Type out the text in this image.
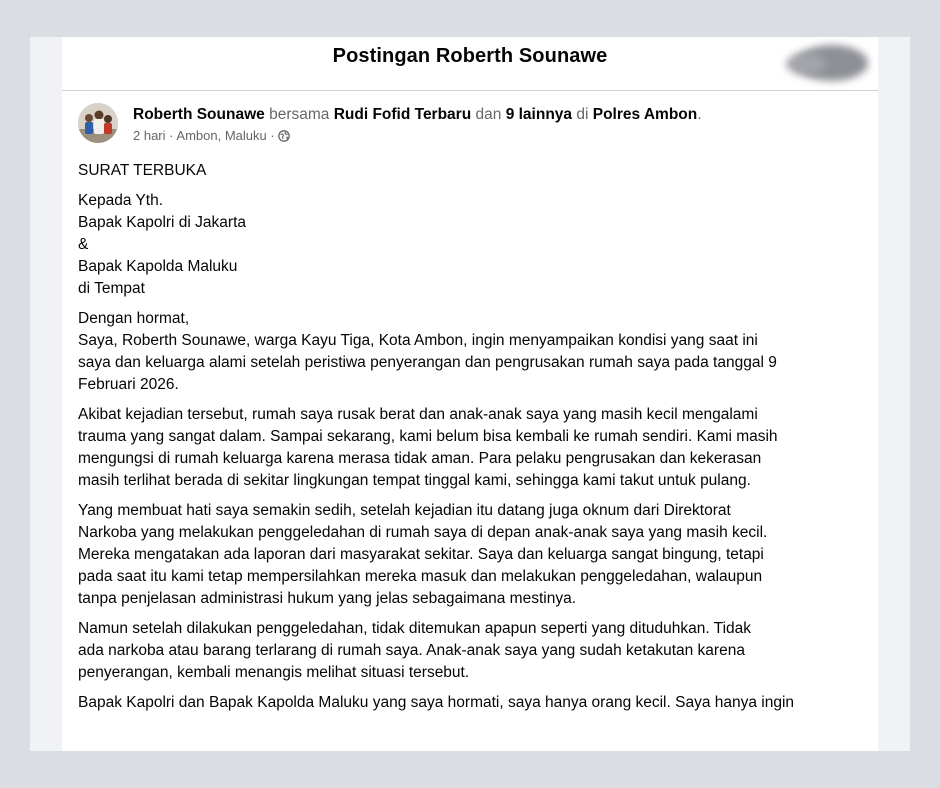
Postingan Roberth Sounawe
Roberth Sounawe bersama Rudi Fofid Terbaru dan 9 lainnya di Polres Ambon.
2 hari · Ambon, Maluku ·

SURAT TERBUKA

Kepada Yth.
Bapak Kapolri di Jakarta
&
Bapak Kapolda Maluku
di Tempat

Dengan hormat,
Saya, Roberth Sounawe, warga Kayu Tiga, Kota Ambon, ingin menyampaikan kondisi yang saat ini
saya dan keluarga alami setelah peristiwa penyerangan dan pengrusakan rumah saya pada tanggal 9
Februari 2026.

Akibat kejadian tersebut, rumah saya rusak berat dan anak-anak saya yang masih kecil mengalami
trauma yang sangat dalam. Sampai sekarang, kami belum bisa kembali ke rumah sendiri. Kami masih
mengungsi di rumah keluarga karena merasa tidak aman. Para pelaku pengrusakan dan kekerasan
masih terlihat berada di sekitar lingkungan tempat tinggal kami, sehingga kami takut untuk pulang.

Yang membuat hati saya semakin sedih, setelah kejadian itu datang juga oknum dari Direktorat
Narkoba yang melakukan penggeledahan di rumah saya di depan anak-anak saya yang masih kecil.
Mereka mengatakan ada laporan dari masyarakat sekitar. Saya dan keluarga sangat bingung, tetapi
pada saat itu kami tetap mempersilahkan mereka masuk dan melakukan penggeledahan, walaupun
tanpa penjelasan administrasi hukum yang jelas sebagaimana mestinya.

Namun setelah dilakukan penggeledahan, tidak ditemukan apapun seperti yang dituduhkan. Tidak
ada narkoba atau barang terlarang di rumah saya. Anak-anak saya yang sudah ketakutan karena
penyerangan, kembali menangis melihat situasi tersebut.

Bapak Kapolri dan Bapak Kapolda Maluku yang saya hormati, saya hanya orang kecil. Saya hanya ingin
